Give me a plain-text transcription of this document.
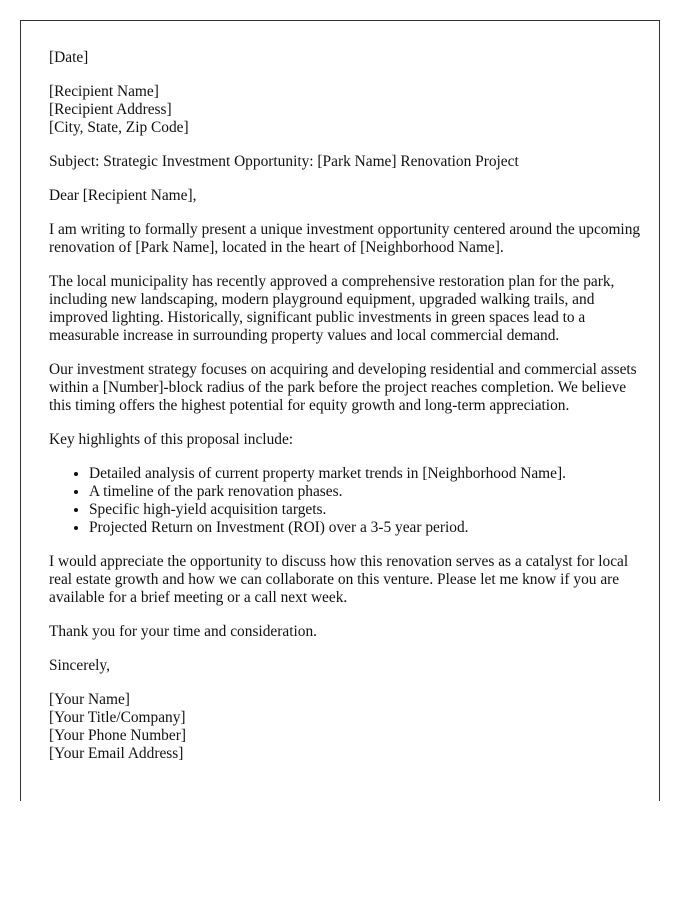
[Date]

[Recipient Name]
[Recipient Address]
[City, State, Zip Code]

Subject: Strategic Investment Opportunity: [Park Name] Renovation Project

Dear [Recipient Name],

I am writing to formally present a unique investment opportunity centered around the upcoming renovation of [Park Name], located in the heart of [Neighborhood Name].

The local municipality has recently approved a comprehensive restoration plan for the park, including new landscaping, modern playground equipment, upgraded walking trails, and improved lighting. Historically, significant public investments in green spaces lead to a measurable increase in surrounding property values and local commercial demand.

Our investment strategy focuses on acquiring and developing residential and commercial assets within a [Number]-block radius of the park before the project reaches completion. We believe this timing offers the highest potential for equity growth and long-term appreciation.

Key highlights of this proposal include:

• Detailed analysis of current property market trends in [Neighborhood Name].
• A timeline of the park renovation phases.
• Specific high-yield acquisition targets.
• Projected Return on Investment (ROI) over a 3-5 year period.

I would appreciate the opportunity to discuss how this renovation serves as a catalyst for local real estate growth and how we can collaborate on this venture. Please let me know if you are available for a brief meeting or a call next week.

Thank you for your time and consideration.

Sincerely,

[Your Name]
[Your Title/Company]
[Your Phone Number]
[Your Email Address]
